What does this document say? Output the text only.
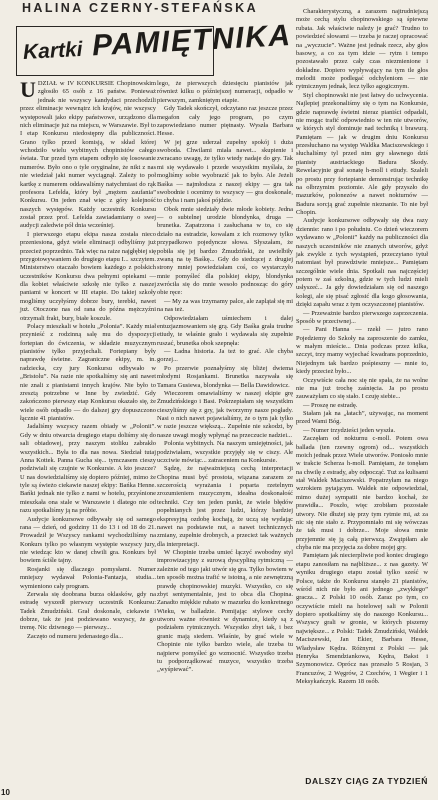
HALINA CZERNY-STEFAŃSKA
Kartki PAMIĘTNIKA

UDZIAŁ w IV KONKURSIE Chopinowskim zgłosiło 65 osób z 16 państw. Ponieważ jednak nie wszyscy kandydaci przechodzili przez eliminacje wewnątrz ich krajów, nie wszyscy występowali jako ekipy państwowe, urządzono dla nich eliminacje już na miejscu, w Warszawie. Był to I etap Konkursu niedostępny dla publiczności. Grano tylko przed komisją, w skład której wchodziło wielu wybitnych chopinistów całego świata. Tur przed tym etapem odbyło się losowanie numerów. Było ono o tyle oryginalne, że nikt z nas nie wiedział jaki numer wyciągnął. Zależy to poł kartkę z numerem oddawaliśmy natychmiast do rąk profesora Lefelda, który był „mężem zaufania” Konkursu. On jeden znał więc z góry kolejność naszych występów. Każdy uczestnik Konkursu został przez prof. Lefelda zawiadamiany o swej audycji zaledwie pół dnia wcześniej.

I pierwszego etapu ekipa nasza została nieco przeniesiona, gdyż wiele eliminacji odbyliśmy już przecież poprzednio. Tak więc na raize najgłębiej się przygotowywaniem do drugiego etapu I... szczytem. Ministerstwo otaczało bowiem każdego z polskich uczestników Konkursu dwa pełnymi opiekami — dla kobiet właściwie szkołę nie tylko z naszej paniami w koncert w III etapie. Do takiej szkoły mogliśmy uczyłyśmy dobrze bury, terebki, nawet już. Otoczone nas od rana do późna mężczyźni otrzymali frakt, bury, białe koszule.

Polacy mieszkali w hotelu „Polonia”. Każdy miał przynieść z rodzinną salę mu do dyspozycji fortepian do ćwiczenia, w składzie muzycznym pianistów tylko przyjechali. Fortepiany były naprawdę świetne. Zagraniczne ekipy, m. in. radziecka, czy jury Konkursu odbywało w „Bristolu”. Na razie nie spotkaliśmy się ani nawet nie znali z pianistami innych krajów. Nie było to zresztą potrzebne w Inne by zwiedzić. Gdy zakończono pierwszy etap Konkursu okazało się, że wiele osób odpadło — do dalszej gry dopuszczono łącznie 41 pianistów.

Jadaliśmy wszyscy razem obiady w „Polonii”. Gdy w dniu otwarcia drugiego etapu doliśmy się do sali obiadowej, przy naszym stoliku zabrakło wszystkich... Była to dla nas nowa. Siedział tutaj Anna Kottek. Panna Gucha się... tymczasem cieszy podziwiali się czujnie w Konkursie. A kto jeszcze? U nas dowiedzialiśmy się dopiero później, mimo że tyle są świeżo ciekawie naszej ekipy: Bańka Henne. Bańki jednak nie tylko z nami w hotelu, przyśnione mieszkała ona stale w Warszawie i dlatego nie od razu spotkaliśmy ją na próbie.

Audycje konkursowe odbywały się od samego rana — dzień, od godziny 11 do 13 i od 18 do 21. Prowadził je Wszyscy rankami wychodziliśmy na Konkurs tylko po własnym występie wszyscy jury, nie wiedząc kto w danej chwili gra. Konkurs był bowiem ściśle tajny.

Rosjanki się dlaczego pomysłami. Numer mniejszy wydawał Polonia-Fantazja, studia... wymieniono cały program.

Zerwała się doobrana burza oklasków, gdy na estradę wyszedł pierwszy uczestnik Konkursu: Tadek Żmudziński. Grał doskonale, ciekawie i dobrze, tak że jest podziewano wszyscy, że go tremę. Nic dziwnego — pierwszy...

Zaczęto od numeru jedenastego dla...

lego, że pierwszych dziesięciu pianistów jak również kilku o późniejszej numeracji, odpadło w pierwszym, zamkniętym etapie.

Gdy Tadek skończył, odczytano raz jeszcze przez megafon cały jego program, po czym zapowiedziano numer piętnasty. Wyszła Barbara Hesse.

W jej grze uderzał zupełny spokój i duża swoboda. Chwilami miała nawet... skupienie i zwracano uwagę, że tylko wtedy nadaje do gry. Tak mi się wydawało i przede wszystkim myślała, że mogliśmy sobie wyobrazić jak to było. Ale Jeżeli Baśka — najmłodsza z naszej ekipy — gra tak swobodnie i ocenimy to wszyscy — gra doskonale, to chyba i nam jakoś pójdzie.

Obok mnie siedziały dwie młode kobiety. Jedna — o subtelnej urodzie blondynka, druga — brunetka. Zapatrzona i zasłuchana w to, co się działo na estradzie, kowalam z ich rozmowy tylko przypadkowo pojedyncze słowa. Słyszałam, że pobiła się jej bardzo Żmudziński, że uwielbiły zwaną na tę Baśkę... Gdy do siedzącej z drugiej strony mniej powiedziałam coś, co wystarczyło mnie pomyśleć dla polskiej ekipy, blondynka zwróciła się do mnie wesoło podnosząc do góry obie ręce:

— My za was trzymamy palce, ale zaplątał się mi na nas też.

Odpowiedziałam uśmiechem i dalej entuzjazmowaniem się grą. Gdy Baśka grała trudne etiudy, te właśnie grało i wydawała się zupełnie ruszać, brunetka obok szepnęła:

— Ładna historia. Ja też to grać. Ale chyba gorzej...

Po przerwie poznałyśmy się bliżej dwiema młodymi Rosjankami. Brunetka nazywała się Tamara Gusiewa, blondynka — Bella Dawidowicz.

Wieczorem omawialiśmy w naszej ekipie grę Żmudzińskiego i Basi. Pokrzepiałam się wszystkim cieszyliśmy się z gry, jak tworzymy nasze pogłady. Nasi o nich nawet pojawialiśmy, że o tym jak tylko w razie jeszcze większą... Zupełnie nie szkodzi, by nasze uwagi mogły wpłynąć na przeczucie nadziei...

Polonia wybitnych. Na naszym umiejętności, jak podziwiałam, wszystkie przyjęły się w ciszy. Ale uczciwie mówiąc... zatraceniem na Konkursie.

Sądzę, że najważniejszą cechą interpretacji Chopina musi być prostota, wiązana zarazem ze szczerością wyrażania i poparta rzetelnym zrozumieniem muzycznym, ideałna doskonałość techniki. Czy ten jeden punkt, że wiele błędów popełnianych jest przez ludzi, którzy bardziej ekspresyjną ozdobę kochają, że uczą się wydając nawet na podstawie nut, a nawet technicznych zmiany, zupełnie drobnych, a przecież tak ważnych dla interpretacji.

W Chopinie trzeba umieć łączyć swobodny styl improwizacyjny z surową dyscypliną rytmiczną — zależnie od tego jaki utwór się gra. Tylko bowiem w ten sposób można trafić w istotną, a nie zewnętrzną prawdę chopinowskiej muzyki. Wszystko, co się zbyt sentymentalnie, jest to obca dla Chopina. Zanadto miękkie rubato w mazurku do konkretnego Wieku, w balladzie. Pomijając stylowe cechy utworu ważne również w dynamice, kiedy są z podziałem rytmicznych. Wszystko zbyt tak, i bez granic mają siedem. Właśnie, by grać wiele w Chopinie nie tylko bardzo wiele, ale trzeba tu najpierw pomyśleć go wzmocnić. Wszystko trzeba tu podporządkować muzyce, wszystko trzeba „wyśpiewać”.

Charakterystyczną, a zarazem najtrudniejszą może cechą stylu chopinowskiego są śpiewne rubata. Jak właściwie należy je grać? Trudno to powiedzieć słowami — trzeba je raczej opracować na „wyczucie”. Ważne jest jednak rzecz, aby głos basowy, a co za tym idzie — rytm i tempo pozostawało przez cały czas niezmienione i dokładne. Dopiero wypływający na tym tle głos melodii może podlegać odchyleniom — nie rytmicznym jednak, lecz tylko agogicznym.

Styl chopinowski nie jest łatwy do uchwycenia. Najlepiej przekonaliśmy się o tym na Konkursie, gdzie naprawdę świetni nieraz pianiści odpadali, nie mogąc trafić odpowiednio w ten nie utworów, w których styl dominuje nad techniką i brawurą. Pamiętam — jak w drugim dniu Konkursu przesłuchano na występ Waldka Maciszewskiego i słuchaliśmy tyl przed nim gry sławnego dziś pianisty austriackiego Badura Skody. Rewelacyjnie grał sonatę h-moll i etiudy. Szaleli po prostu przy fortepianie demonstrując technikę na olbrzymim poziomie. Ale gdy przyszło do mazurków, polonezów a nawet nokturnów — Badura sorcją grać zupełnie nieznanie. To nie był Chopin.

Audycje konkursowe odbywały się dwa razy dziennie: rano i po południu. Co dzień wieczorem wydawano w „Polonii” każdy na publiczności dla naszych uczestników nie znanych utworów, gdyż jak zwykle z tych wystąpień, przeczytano tytuł natomiast był prawdziwie mniejsze... Pamiętam szczególnie wiele dnia. Spotkali nas najczęściej potem w zaś szkolną, gdzie w tych ludzi mieli usłyszeć... Ja gdy dowiedziałam się od naszego kolegi, ale się pisać zgłosić dla kogo głosowania, dzięki zapału wraz z tym oczyszczonej pianistów.

— Przeważnie bardzo pierwszego zaprzeczenia. Sposób w przeciwnej...

— Pani Hanna — rzekł — jutro rano Pojedziemy do Szkoły na zaproszenie do zamku, w małym mieście... Dnia podczas przez kilka, szczyt, trzy mamy wyjechać kwadrans poprzednio, Niejednym tak bardzo pośpieszny — mnie to, kiedy przecież było...

Oczywiście cała noc się nie spała, że na wolne nie ma już trochę zaśnięcia. Ja po prostu zauważyłam co się stało. I czuję siebie...

— Proszę ne estradę.

Stałam jak na „łatach”, używając, na moment przed Wami Bóg.

— Numer trzydzieści jeden wyszła.

Zaczęłam od nokturnu c-moll. Potem owa ballada (ten rzewny ogrom) od... wszystkich moich jednak przez Wiele utworów. Poniosło mnie w trakcie Scherza h-moll. Pamiętam, że tonęłam na chwilę z estrady, aby odpocząć. Tuż za kulisami stał Waldek Maciszewski. Popatrzyłam na niego wzrokiem pytającym. Waldek nie odpowiedział, mimo dużej sympatii nie bardzo kochał, że prawidła... Poszło, więc zrobiłam pozostałe utwory. Nie dłużej się przy tym rytmie mi, aż za nic się nie stało z. Przypomniało mi się wówczas że tak musi i dobrze... Moje słowa mnie przyjemnie się ją całą pierwszą. Zwątpiłam ale chyba nie ma przyjęcia za dobre mojej gry.

Pamiętam jak niecierpliwie pod koniec drugiego etapu zanosiłam na najbliższe... z nas gazety. W wyniku drugiego etapu został tylko sześć w Polsce, także do Konkursu stanęło 21 pianistów, wśród nich nie było ani jednego „zwykłego” gracza... Z Polski 10 osób. Zaraz po tym, co oczywiście mieli na hotelowej sali w Polonii dopiero spotkaliśmy się do naszego Konkursu... Wszyscy grali w gronie, w których piszemy największe... z Polski: Tadek Żmudziński, Waldek Maciszewski, Jan Ekier, Barbara Hesse, Władysław Kędra. Różnymi z Polski — jak Henryka Smendziankowa, Kędra, Bakst i Szymonowicz. Oprócz nas przeszło 5 Rosjan, 3 Francuzów, 2 Węgrów, 2 Czechów, 1 Wegier i 1 Meksykańczyk. Razem 18 osób.

DALSZY CIĄG ZA TYDZIEŃ
10
